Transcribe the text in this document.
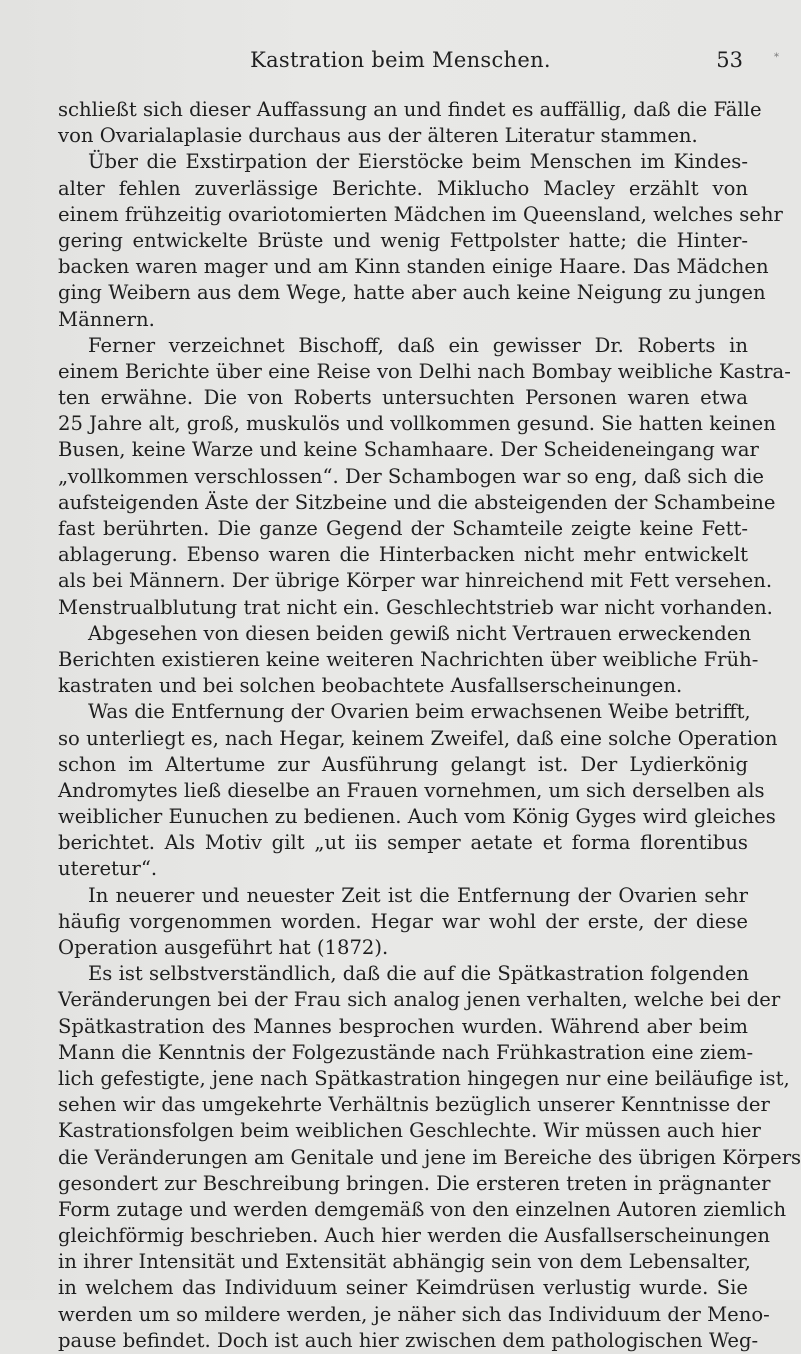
Kastration beim Menschen.	53	*
schließt sich dieser Auffassung an und findet es auffällig, daß die Fälle
von Ovarialaplasie durchaus aus der älteren Literatur stammen.
Über die Exstirpation der Eierstöcke beim Menschen im Kindes-
alter fehlen zuverlässige Berichte. Miklucho Macley erzählt von
einem frühzeitig ovariotomierten Mädchen im Queensland, welches sehr
gering entwickelte Brüste und wenig Fettpolster hatte; die Hinter-
backen waren mager und am Kinn standen einige Haare. Das Mädchen
ging Weibern aus dem Wege, hatte aber auch keine Neigung zu jungen
Männern.
Ferner verzeichnet Bischoff, daß ein gewisser Dr. Roberts in
einem Berichte über eine Reise von Delhi nach Bombay weibliche Kastra-
ten erwähne. Die von Roberts untersuchten Personen waren etwa
25 Jahre alt, groß, muskulös und vollkommen gesund. Sie hatten keinen
Busen, keine Warze und keine Schamhaare. Der Scheideneingang war
„vollkommen verschlossen“. Der Schambogen war so eng, daß sich die
aufsteigenden Äste der Sitzbeine und die absteigenden der Schambeine
fast berührten. Die ganze Gegend der Schamteile zeigte keine Fett-
ablagerung. Ebenso waren die Hinterbacken nicht mehr entwickelt
als bei Männern. Der übrige Körper war hinreichend mit Fett versehen.
Menstrualblutung trat nicht ein. Geschlechtstrieb war nicht vorhanden.
Abgesehen von diesen beiden gewiß nicht Vertrauen erweckenden
Berichten existieren keine weiteren Nachrichten über weibliche Früh-
kastraten und bei solchen beobachtete Ausfallserscheinungen.
Was die Entfernung der Ovarien beim erwachsenen Weibe betrifft,
so unterliegt es, nach Hegar, keinem Zweifel, daß eine solche Operation
schon im Altertume zur Ausführung gelangt ist. Der Lydierkönig
Andromytes ließ dieselbe an Frauen vornehmen, um sich derselben als
weiblicher Eunuchen zu bedienen. Auch vom König Gyges wird gleiches
berichtet. Als Motiv gilt „ut iis semper aetate et forma florentibus
uteretur“.
In neuerer und neuester Zeit ist die Entfernung der Ovarien sehr
häufig vorgenommen worden. Hegar war wohl der erste, der diese
Operation ausgeführt hat (1872).
Es ist selbstverständlich, daß die auf die Spätkastration folgenden
Veränderungen bei der Frau sich analog jenen verhalten, welche bei der
Spätkastration des Mannes besprochen wurden. Während aber beim
Mann die Kenntnis der Folgezustände nach Frühkastration eine ziem-
lich gefestigte, jene nach Spätkastration hingegen nur eine beiläufige ist,
sehen wir das umgekehrte Verhältnis bezüglich unserer Kenntnisse der
Kastrationsfolgen beim weiblichen Geschlechte. Wir müssen auch hier
die Veränderungen am Genitale und jene im Bereiche des übrigen Körpers
gesondert zur Beschreibung bringen. Die ersteren treten in prägnanter
Form zutage und werden demgemäß von den einzelnen Autoren ziemlich
gleichförmig beschrieben. Auch hier werden die Ausfallserscheinungen
in ihrer Intensität und Extensität abhängig sein von dem Lebensalter,
in welchem das Individuum seiner Keimdrüsen verlustig wurde. Sie
werden um so mildere werden, je näher sich das Individuum der Meno-
pause befindet. Doch ist auch hier zwischen dem pathologischen Weg-
